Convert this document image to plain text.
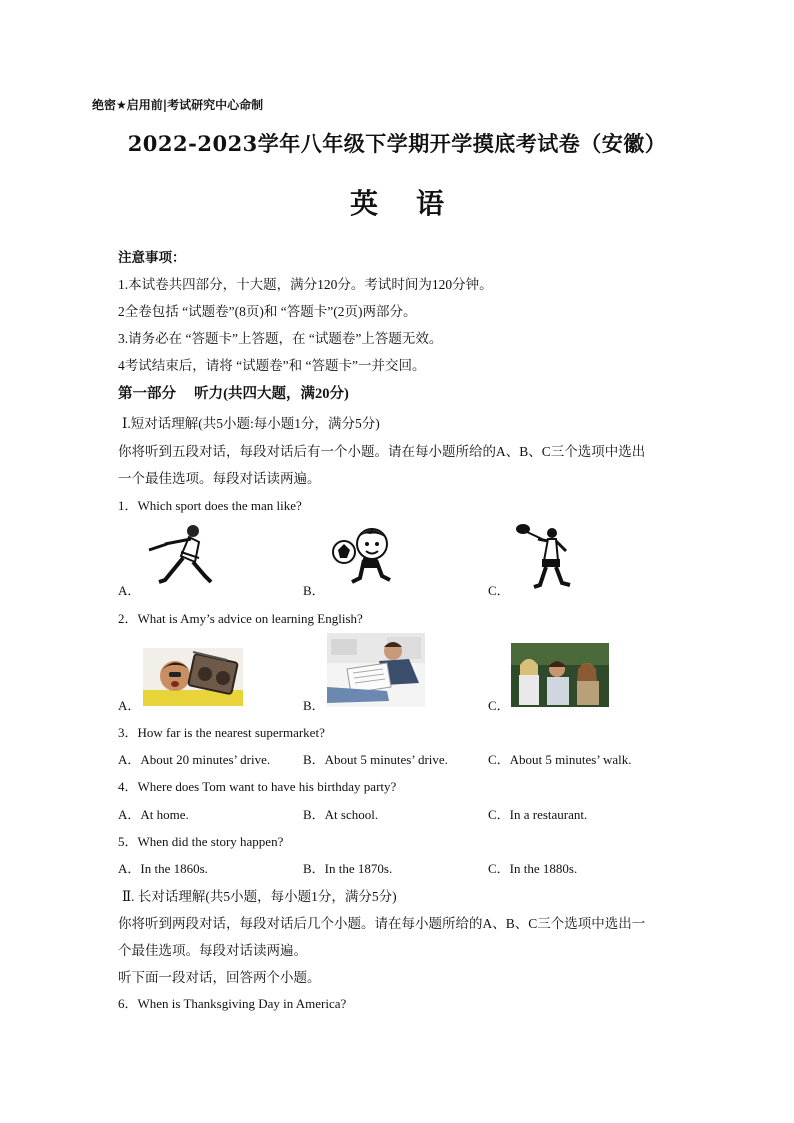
绝密★启用前|考试研究中心命制
2022-2023学年八年级下学期开学摸底考试卷（安徽）
英语
注意事项：
1.本试卷共四部分，十大题，满分120分。考试时间为120分钟。
2全卷包括 “试题卷”(8页)和 “答题卡”(2页)两部分。
3.请务必在 “答题卡”上答题，在 “试题卷”上答题无效。
4考试结束后，请将 “试题卷”和 “答题卡”一并交回。
第一部分　 听力(共四大题，满20分)
Ⅰ.短对话理解(共5小题:每小题1分，满分5分)
你将听到五段对话，每段对话后有一个小题。请在每小题所给的A、B、C三个选项中选出
一个最佳选项。每段对话读两遍。
1．Which sport does the man like?
A．	B．	C．
2．What is Amy’s advice on learning English?
A．	B．	C．
3．How far is the nearest supermarket?
A．About 20 minutes’ drive.	B．About 5 minutes’ drive.	C．About 5 minutes’ walk.
4．Where does Tom want to have his birthday party?
A．At home.	B．At school.	C．In a restaurant.
5．When did the story happen?
A．In the 1860s.	B．In the 1870s.	C．In the 1880s.
Ⅱ. 长对话理解(共5小题，每小题1分，满分5分)
你将听到两段对话，每段对话后几个小题。请在每小题所给的A、B、C三个选项中选出一
个最佳选项。每段对话读两遍。
听下面一段对话，回答两个小题。
6．When is Thanksgiving Day in America?
